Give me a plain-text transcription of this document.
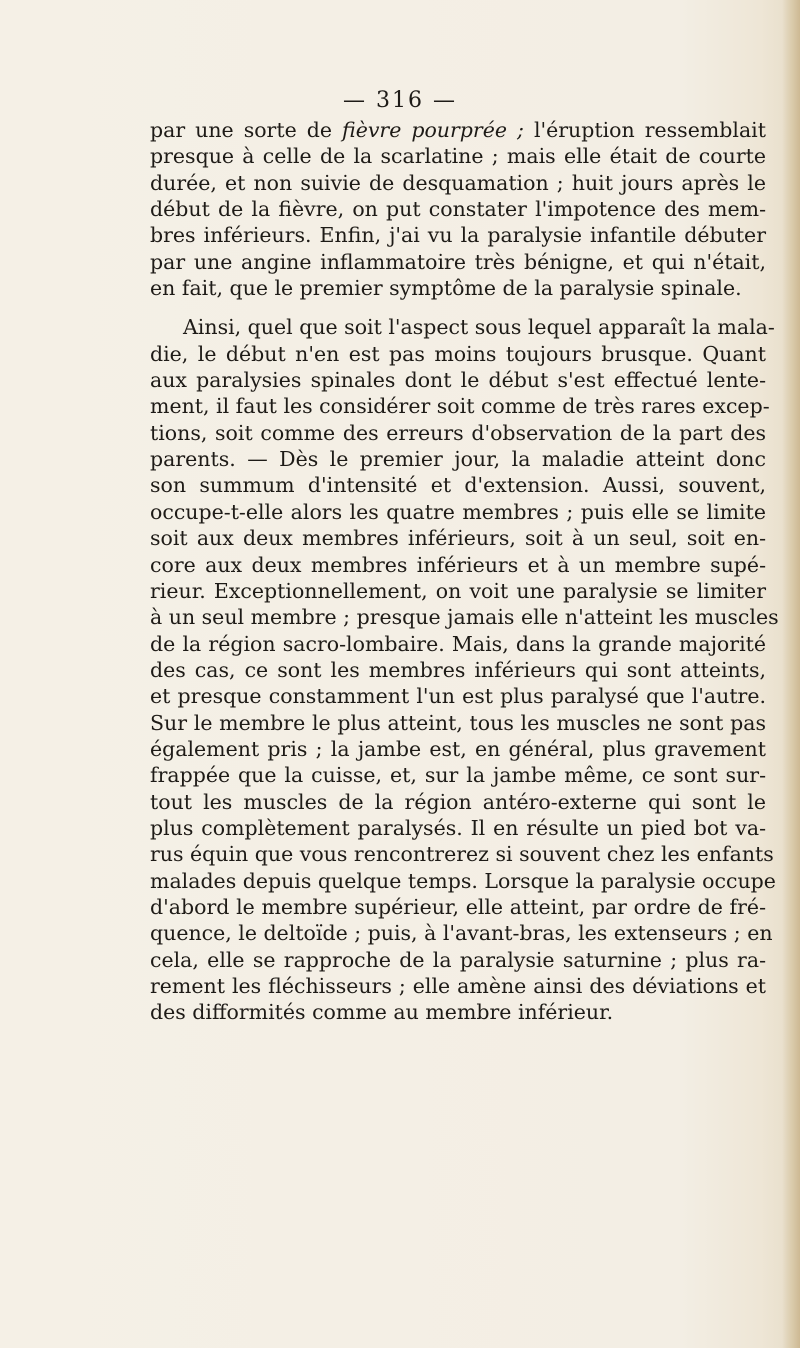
— 316 —
par une sorte de fièvre pourprée ; l'éruption ressemblait
presque à celle de la scarlatine ; mais elle était de courte
durée, et non suivie de desquamation ; huit jours après le
début de la fièvre, on put constater l'impotence des mem-
bres inférieurs. Enfin, j'ai vu la paralysie infantile débuter
par une angine inflammatoire très bénigne, et qui n'était,
en fait, que le premier symptôme de la paralysie spinale.
Ainsi, quel que soit l'aspect sous lequel apparaît la mala-
die, le début n'en est pas moins toujours brusque. Quant
aux paralysies spinales dont le début s'est effectué lente-
ment, il faut les considérer soit comme de très rares excep-
tions, soit comme des erreurs d'observation de la part des
parents. — Dès le premier jour, la maladie atteint donc
son summum d'intensité et d'extension. Aussi, souvent,
occupe-t-elle alors les quatre membres ; puis elle se limite
soit aux deux membres inférieurs, soit à un seul, soit en-
core aux deux membres inférieurs et à un membre supé-
rieur. Exceptionnellement, on voit une paralysie se limiter
à un seul membre ; presque jamais elle n'atteint les muscles
de la région sacro-lombaire. Mais, dans la grande majorité
des cas, ce sont les membres inférieurs qui sont atteints,
et presque constamment l'un est plus paralysé que l'autre.
Sur le membre le plus atteint, tous les muscles ne sont pas
également pris ; la jambe est, en général, plus gravement
frappée que la cuisse, et, sur la jambe même, ce sont sur-
tout les muscles de la région antéro-externe qui sont le
plus complètement paralysés. Il en résulte un pied bot va-
rus équin que vous rencontrerez si souvent chez les enfants
malades depuis quelque temps. Lorsque la paralysie occupe
d'abord le membre supérieur, elle atteint, par ordre de fré-
quence, le deltoïde ; puis, à l'avant-bras, les extenseurs ; en
cela, elle se rapproche de la paralysie saturnine ; plus ra-
rement les fléchisseurs ; elle amène ainsi des déviations et
des difformités comme au membre inférieur.
